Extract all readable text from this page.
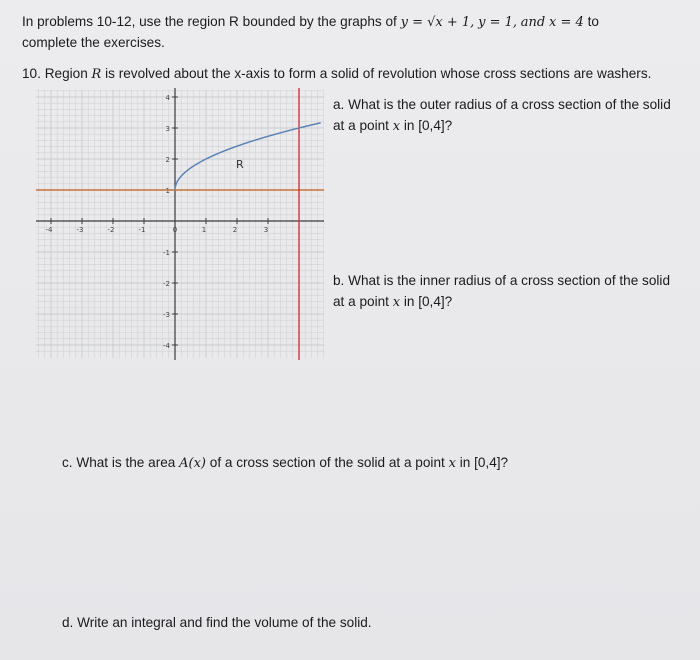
In problems 10-12, use the region R bounded by the graphs of y = √x + 1, y = 1, and x = 4 to
complete the exercises.
10. Region R is revolved about the x-axis to form a solid of revolution whose cross sections are washers.
-4	-3	-2	-1	0	1	2	3
4
3
2
1
-1
-2
-3
-4
R
a. What is the outer radius of a cross section of the solid at a point x in [0,4]?
b. What is the inner radius of a cross section of the solid at a point x in [0,4]?
c. What is the area A(x) of a cross section of the solid at a point x in [0,4]?
d. Write an integral and find the volume of the solid.
